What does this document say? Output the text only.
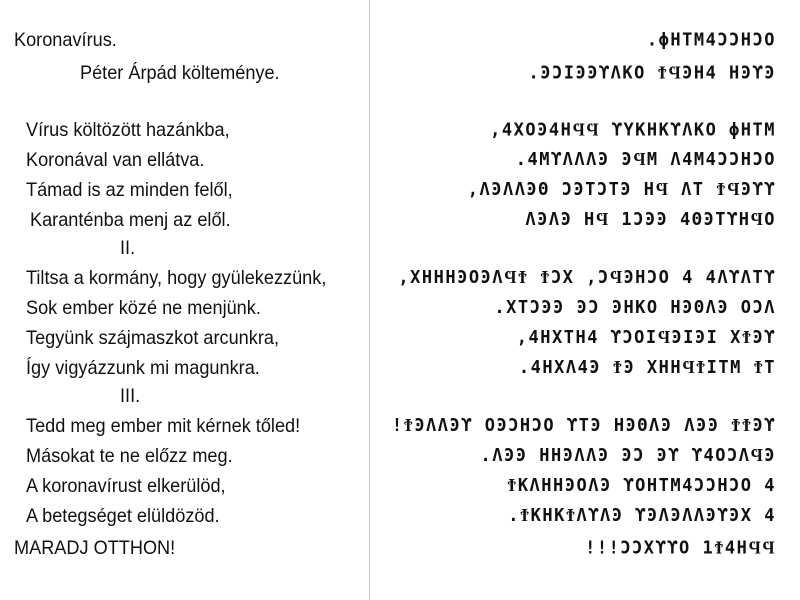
Koronavírus.
Péter Árpád költeménye.
Vírus költözött hazánkba,
Koronával van ellátva.
Támad is az minden felől,
Karanténba menj az elől.
II.
Tiltsa a kormány, hogy gyülekezzünk,
Sok ember közé ne menjünk.
Tegyünk szájmaszkot arcunkra,
Így vigyázzunk mi magunkra.
III.
Tedd meg ember mit kérnek tőled!
Másokat te ne előzz meg.
A koronavírust elkerülöd,
A betegséget elüldözöd.
MARADJ OTTHON!
.ϕΗΤΜ4ϽϽΗϽΟ
.ϿϽΙϿϿϒΛΚΟ ϮϤϿΗ4 ΗϿϒϿ
,4ΧΟϿ4ΗϤϤ ϒΥΚΗΚϒΛΚΟ ϕΗΤΜ
.4ΜϒΛΛΛϿ ϿϤΜ Λ4Μ4ϽϽΗϽΟ
,ΛϿΛΛϿΘ ϽϿΤϽΤϿ ΗϤ ΛΤ ϮϤϿϒϒ
ΛϿΛϿ ΗϤ 1ϽϿϿ 4ΘϿΤϒΗϤΟ
,ΧΗΗΗϿΟϿΛϤϮ ϮϽΧ ,ϽϤϿΗϽΟ 4 4ΛϒΛΤϒ
.ΧΤϽϿϿ ϿϽ ϿΗΚΟ ΗϿΘΛϿ ΟϽΛ
,4ΗΧΤΗ4 ϒϽΟΙϤϿΙϿΙ ΧϮϿϒ
.4ΗΧΛ4Ͽ ϮϿ ΧΗΗϤϮΙΤΜ ϮΤ
!ϮϿΛΛϿϒ ΟϿϽΗϽΟ ϒΤϿ ΗϿΘΛϿ ΛϿϿ ϮϮϿϒ
.ΛϿϿ ΗΗϿΛΛϿ ϿϽ Ͽϒ ϒ4ΟϽΛϤϿ
ϮΚΛΗΗϿΟΛϿ ϒΟΗΤΜ4ϽϽΗϽΟ 4
.ϮΚΗΚϮΛϒΛϿ ϒϿΛϿΛΛϿϒϿΧ 4
!!!ϽϽΧϒϒΟ 1Ϯ4ΗϤϤ
